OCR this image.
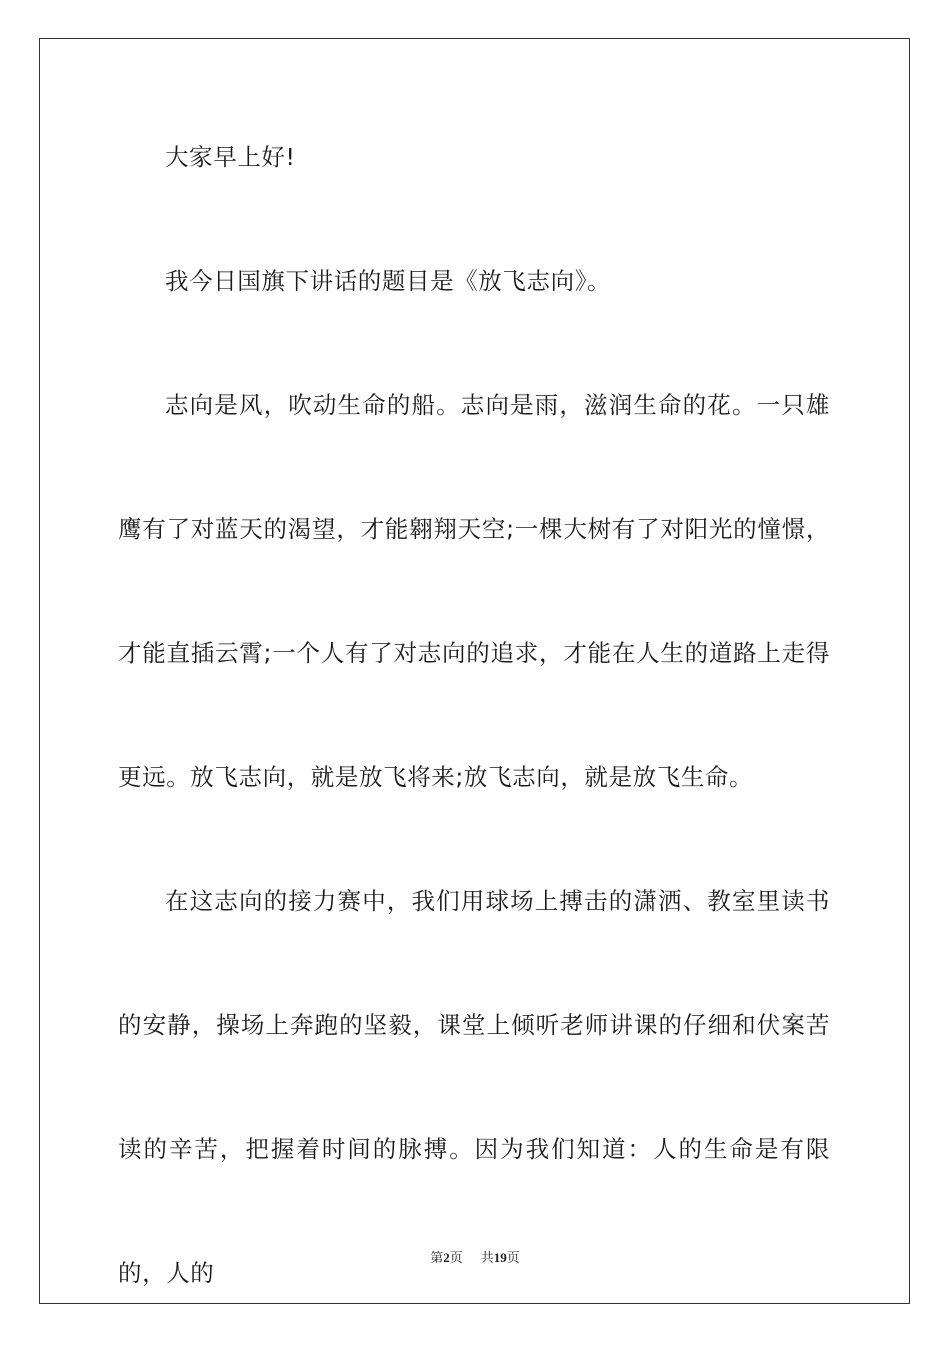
大家早上好!

我今日国旗下讲话的题目是《放飞志向》。

志向是风，吹动生命的船。志向是雨，滋润生命的花。一只雄鹰有了对蓝天的渴望，才能翱翔天空;一棵大树有了对阳光的憧憬，才能直插云霄;一个人有了对志向的追求，才能在人生的道路上走得更远。放飞志向，就是放飞将来;放飞志向，就是放飞生命。

在这志向的接力赛中，我们用球场上搏击的潇洒、教室里读书的安静，操场上奔跑的坚毅，课堂上倾听老师讲课的仔细和伏案苦读的辛苦，把握着时间的脉搏。因为我们知道：人的生命是有限的，人的

第2页 共19页
